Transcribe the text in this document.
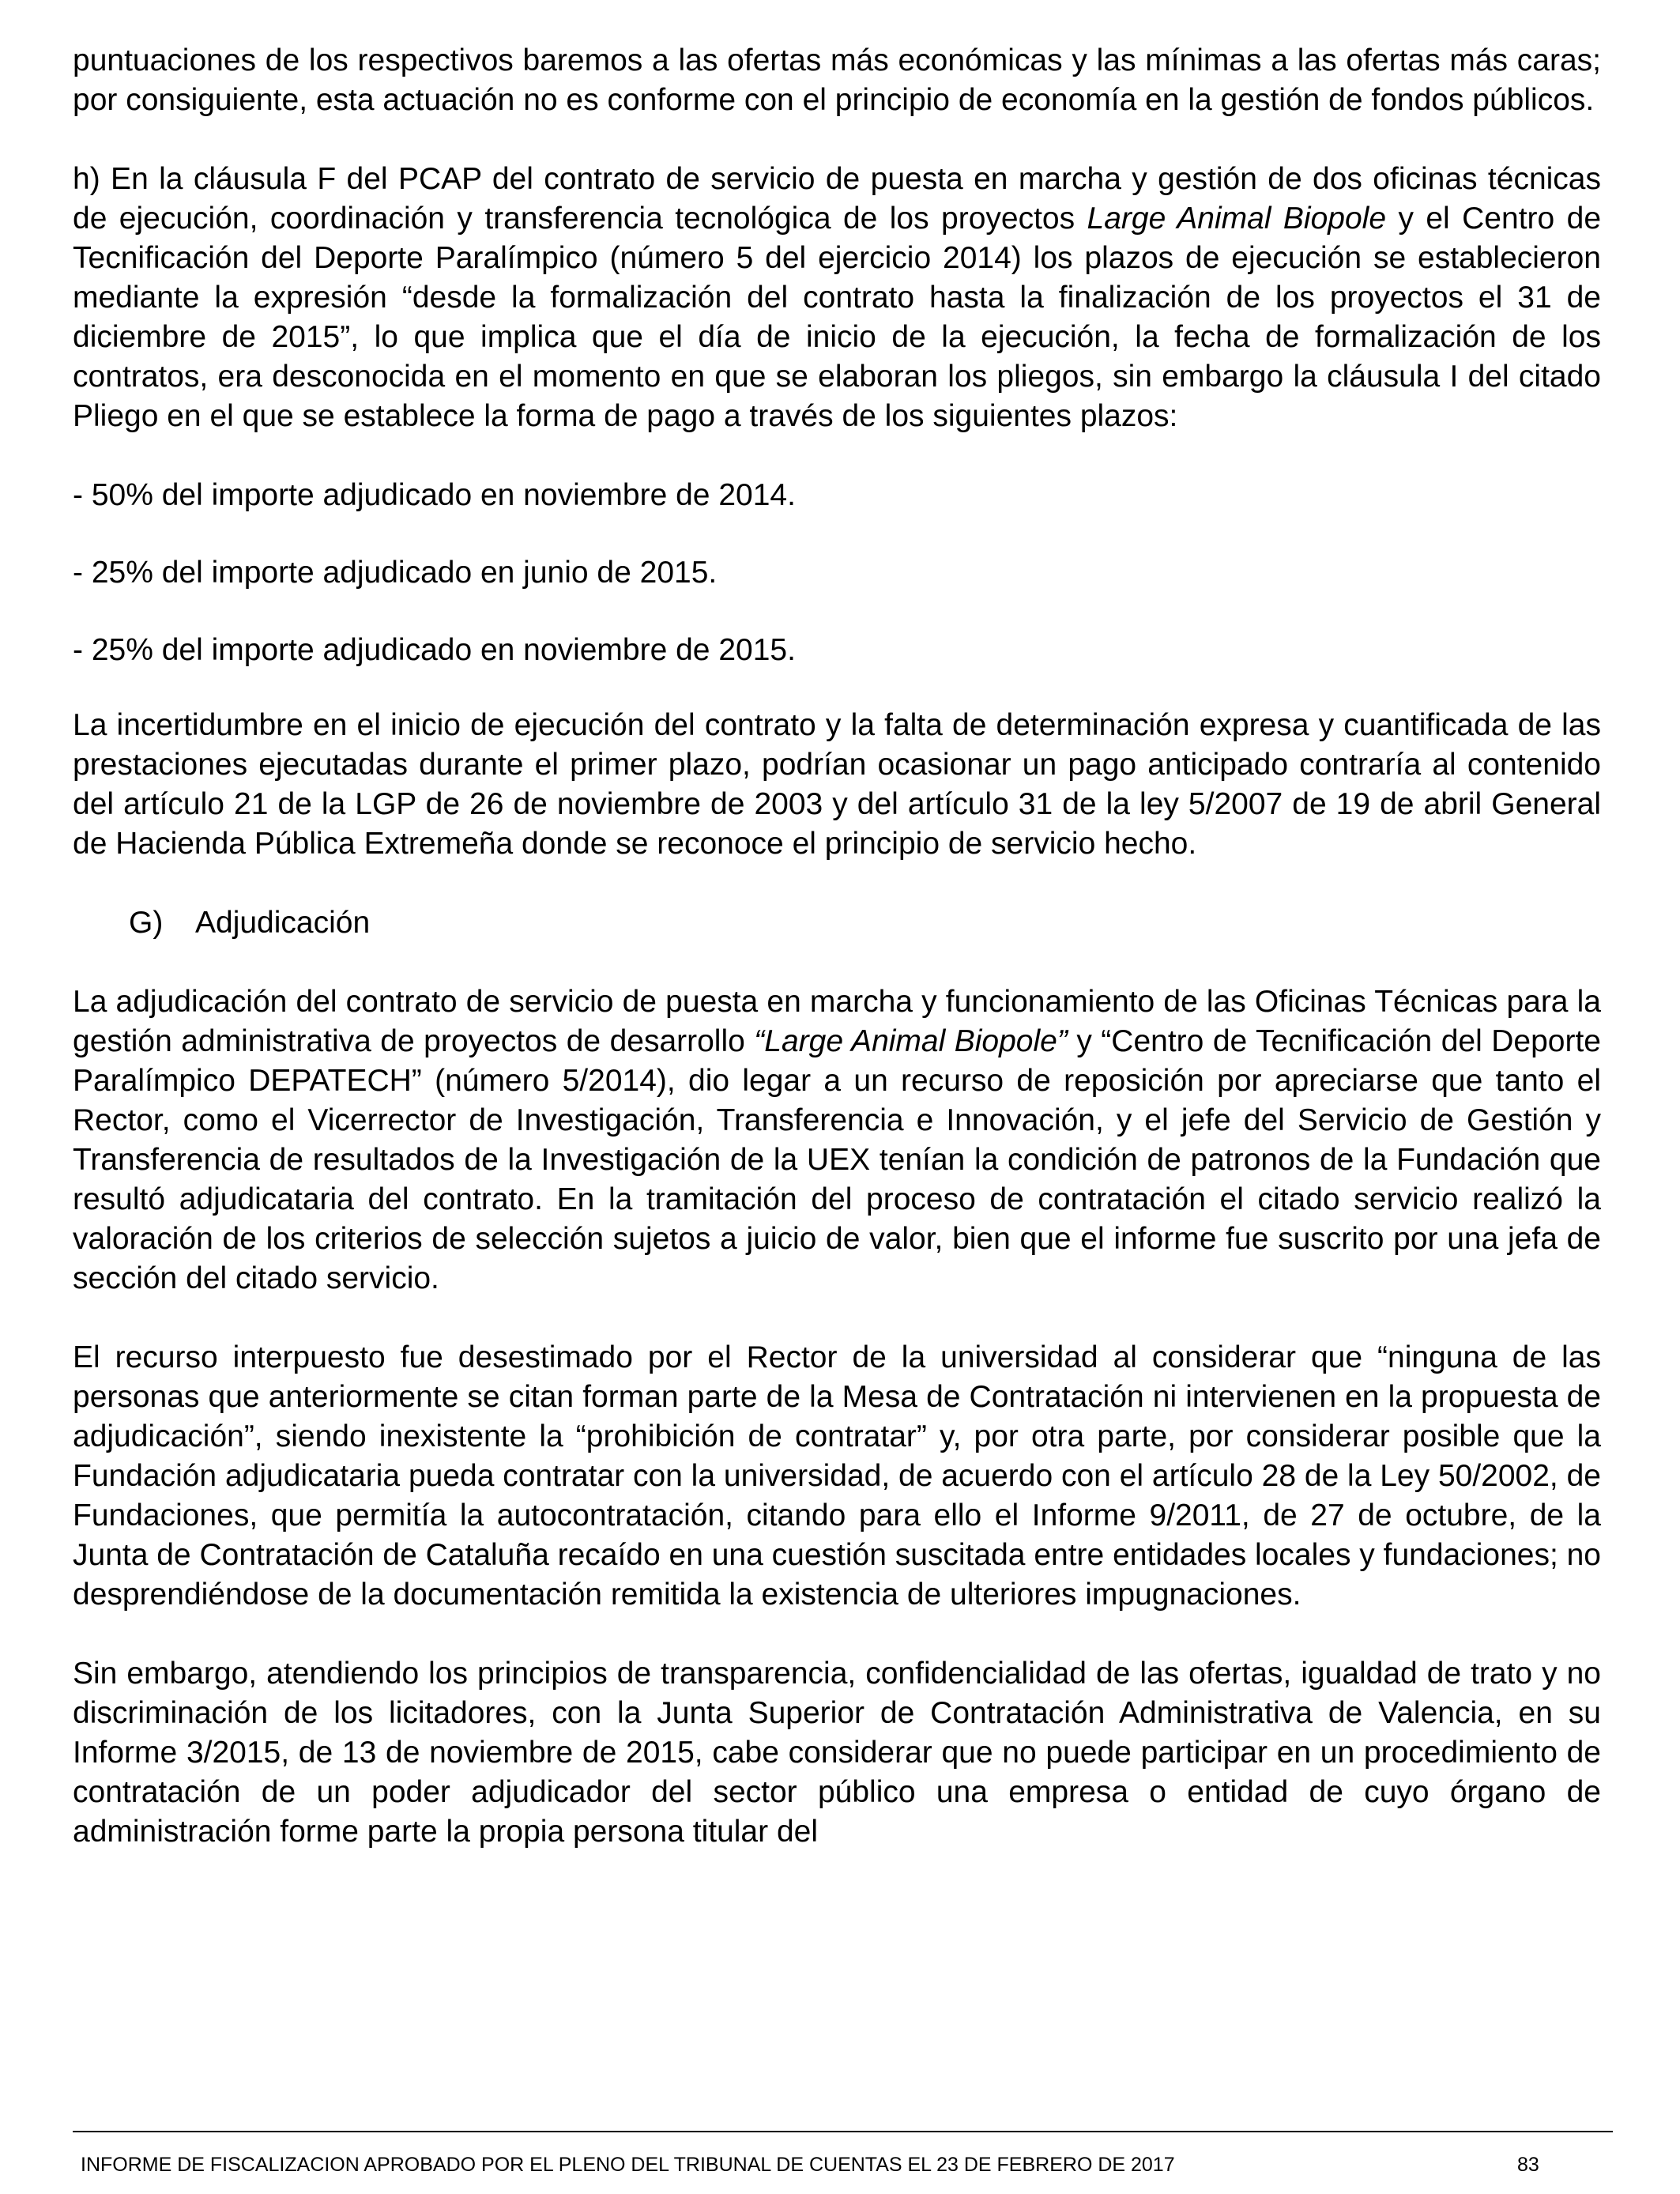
puntuaciones de los respectivos baremos a las ofertas más económicas y las mínimas a las ofertas más caras; por consiguiente, esta actuación no es conforme con el principio de economía en la gestión de fondos públicos.

h) En la cláusula F del PCAP del contrato de servicio de puesta en marcha y gestión de dos oficinas técnicas de ejecución, coordinación y transferencia tecnológica de los proyectos Large Animal Biopole y el Centro de Tecnificación del Deporte Paralímpico (número 5 del ejercicio 2014) los plazos de ejecución se establecieron mediante la expresión “desde la formalización del contrato hasta la finalización de los proyectos el 31 de diciembre de 2015”, lo que implica que el día de inicio de la ejecución, la fecha de formalización de los contratos, era desconocida en el momento en que se elaboran los pliegos, sin embargo la cláusula I del citado Pliego en el que se establece la forma de pago a través de los siguientes plazos:

- 50% del importe adjudicado en noviembre de 2014.

- 25% del importe adjudicado en junio de 2015.

- 25% del importe adjudicado en noviembre de 2015.

La incertidumbre en el inicio de ejecución del contrato y la falta de determinación expresa y cuantificada de las prestaciones ejecutadas durante el primer plazo, podrían ocasionar un pago anticipado contraría al contenido del artículo 21 de la LGP de 26 de noviembre de 2003 y del artículo 31 de la ley 5/2007 de 19 de abril General de Hacienda Pública Extremeña donde se reconoce el principio de servicio hecho.

G) Adjudicación

La adjudicación del contrato de servicio de puesta en marcha y funcionamiento de las Oficinas Técnicas para la gestión administrativa de proyectos de desarrollo “Large Animal Biopole” y “Centro de Tecnificación del Deporte Paralímpico DEPATECH” (número 5/2014), dio legar a un recurso de reposición por apreciarse que tanto el Rector, como el Vicerrector de Investigación, Transferencia e Innovación, y el jefe del Servicio de Gestión y Transferencia de resultados de la Investigación de la UEX tenían la condición de patronos de la Fundación que resultó adjudicataria del contrato. En la tramitación del proceso de contratación el citado servicio realizó la valoración de los criterios de selección sujetos a juicio de valor, bien que el informe fue suscrito por una jefa de sección del citado servicio.

El recurso interpuesto fue desestimado por el Rector de la universidad al considerar que “ninguna de las personas que anteriormente se citan forman parte de la Mesa de Contratación ni intervienen en la propuesta de adjudicación”, siendo inexistente la “prohibición de contratar” y, por otra parte, por considerar posible que la Fundación adjudicataria pueda contratar con la universidad, de acuerdo con el artículo 28 de la Ley 50/2002, de Fundaciones, que permitía la autocontratación, citando para ello el Informe 9/2011, de 27 de octubre, de la Junta de Contratación de Cataluña recaído en una cuestión suscitada entre entidades locales y fundaciones; no desprendiéndose de la documentación remitida la existencia de ulteriores impugnaciones.

Sin embargo, atendiendo los principios de transparencia, confidencialidad de las ofertas, igualdad de trato y no discriminación de los licitadores, con la Junta Superior de Contratación Administrativa de Valencia, en su Informe 3/2015, de 13 de noviembre de 2015, cabe considerar que no puede participar en un procedimiento de contratación de un poder adjudicador del sector público una empresa o entidad de cuyo órgano de administración forme parte la propia persona titular del

INFORME DE FISCALIZACION APROBADO POR EL PLENO DEL TRIBUNAL DE CUENTAS EL 23 DE FEBRERO DE 2017	83
